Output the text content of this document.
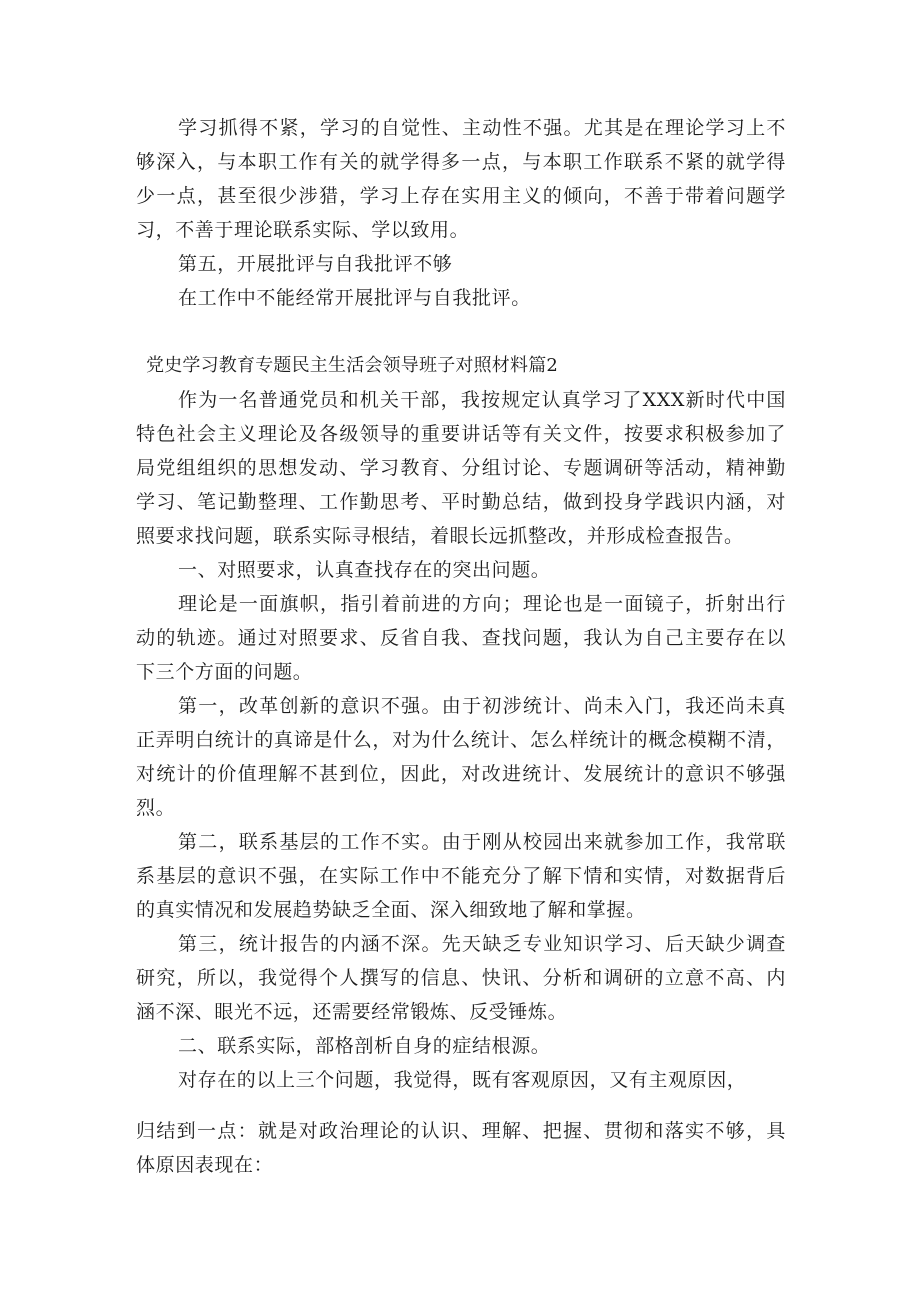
学习抓得不紧，学习的自觉性、主动性不强。尤其是在理论学习上不
够深入，与本职工作有关的就学得多一点，与本职工作联系不紧的就学得
少一点，甚至很少涉猎，学习上存在实用主义的倾向，不善于带着问题学
习，不善于理论联系实际、学以致用。
第五，开展批评与自我批评不够
在工作中不能经常开展批评与自我批评。
党史学习教育专题民主生活会领导班子对照材料篇2
作为一名普通党员和机关干部，我按规定认真学习了XXX新时代中国
特色社会主义理论及各级领导的重要讲话等有关文件，按要求积极参加了
局党组组织的思想发动、学习教育、分组讨论、专题调研等活动，精神勤
学习、笔记勤整理、工作勤思考、平时勤总结，做到投身学践识内涵，对
照要求找问题，联系实际寻根结，着眼长远抓整改，并形成检查报告。
一、对照要求，认真查找存在的突出问题。
理论是一面旗帜，指引着前进的方向；理论也是一面镜子，折射出行
动的轨迹。通过对照要求、反省自我、查找问题，我认为自己主要存在以
下三个方面的问题。
第一，改革创新的意识不强。由于初涉统计、尚未入门，我还尚未真
正弄明白统计的真谛是什么，对为什么统计、怎么样统计的概念模糊不清，
对统计的价值理解不甚到位，因此，对改进统计、发展统计的意识不够强
烈。
第二，联系基层的工作不实。由于刚从校园出来就参加工作，我常联
系基层的意识不强，在实际工作中不能充分了解下情和实情，对数据背后
的真实情况和发展趋势缺乏全面、深入细致地了解和掌握。
第三，统计报告的内涵不深。先天缺乏专业知识学习、后天缺少调查
研究，所以，我觉得个人撰写的信息、快讯、分析和调研的立意不高、内
涵不深、眼光不远，还需要经常锻炼、反受锤炼。
二、联系实际，部格剖析自身的症结根源。
对存在的以上三个问题，我觉得，既有客观原因，又有主观原因，
归结到一点：就是对政治理论的认识、理解、把握、贯彻和落实不够，具
体原因表现在：
